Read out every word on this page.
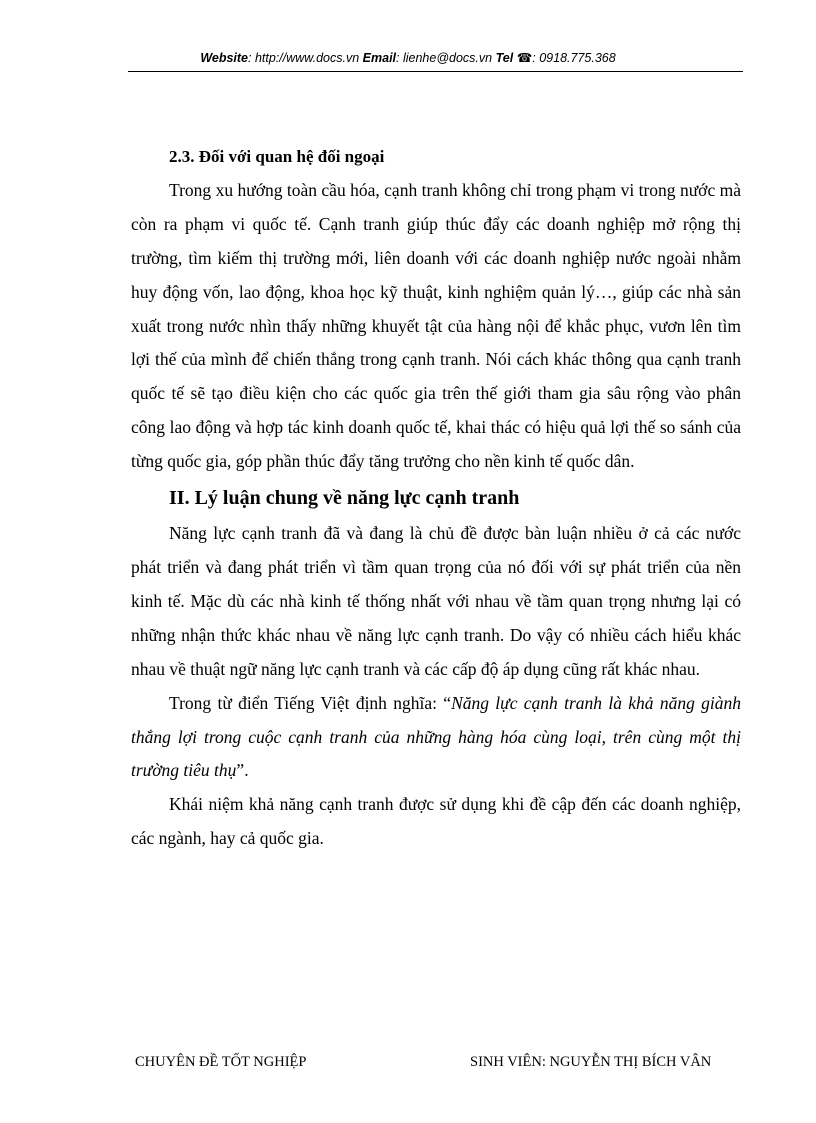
Website: http://www.docs.vn Email: lienhe@docs.vn Tel ☎: 0918.775.368
2.3. Đối với quan hệ đối ngoại

Trong xu hướng toàn cầu hóa, cạnh tranh không chỉ trong phạm vi trong nước mà còn ra phạm vi quốc tế. Cạnh tranh giúp thúc đẩy các doanh nghiệp mở rộng thị trường, tìm kiếm thị trường mới, liên doanh với các doanh nghiệp nước ngoài nhằm huy động vốn, lao động, khoa học kỹ thuật, kinh nghiệm quản lý…, giúp các nhà sản xuất trong nước nhìn thấy những khuyết tật của hàng nội để khắc phục, vươn lên tìm lợi thế của mình để chiến thắng trong cạnh tranh. Nói cách khác thông qua cạnh tranh quốc tế sẽ tạo điều kiện cho các quốc gia trên thế giới tham gia sâu rộng vào phân công lao động và hợp tác kinh doanh quốc tế, khai thác có hiệu quả lợi thế so sánh của từng quốc gia, góp phần thúc đẩy tăng trưởng cho nền kinh tế quốc dân.

II. Lý luận chung về năng lực cạnh tranh

Năng lực cạnh tranh đã và đang là chủ đề được bàn luận nhiều ở cả các nước phát triển và đang phát triển vì tầm quan trọng của nó đối với sự phát triển của nền kinh tế. Mặc dù các nhà kinh tế thống nhất với nhau về tầm quan trọng nhưng lại có những nhận thức khác nhau về năng lực cạnh tranh. Do vậy có nhiều cách hiểu khác nhau về thuật ngữ năng lực cạnh tranh và các cấp độ áp dụng cũng rất khác nhau.

Trong từ điển Tiếng Việt định nghĩa: “Năng lực cạnh tranh là khả năng giành thắng lợi trong cuộc cạnh tranh của những hàng hóa cùng loại, trên cùng một thị trường tiêu thụ”.

Khái niệm khả năng cạnh tranh được sử dụng khi đề cập đến các doanh nghiệp, các ngành, hay cả quốc gia.

CHUYÊN ĐỀ TỐT NGHIỆP	SINH VIÊN: NGUYỄN THỊ BÍCH VÂN
